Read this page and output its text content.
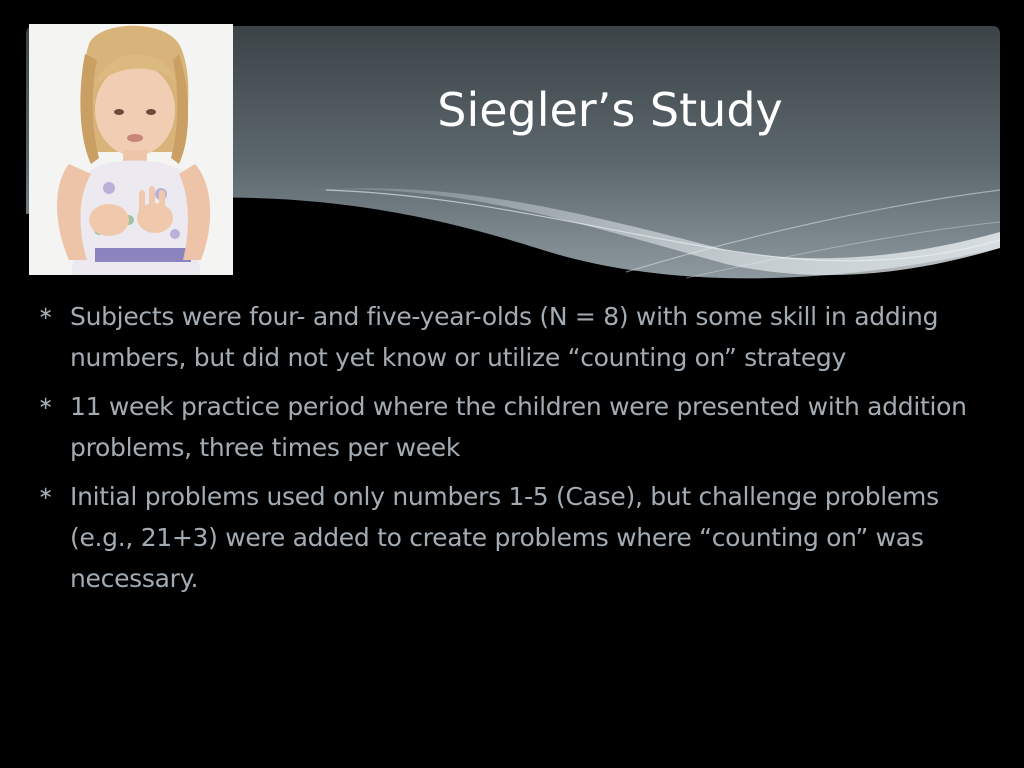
Siegler’s Study
∗ Subjects were four- and five-year-olds (N = 8) with some skill in adding numbers, but did not yet know or utilize “counting on” strategy
∗ 11 week practice period where the children were presented with addition problems, three times per week
∗ Initial problems used only numbers 1-5 (Case), but challenge problems (e.g., 21+3) were added to create problems where “counting on” was necessary.
